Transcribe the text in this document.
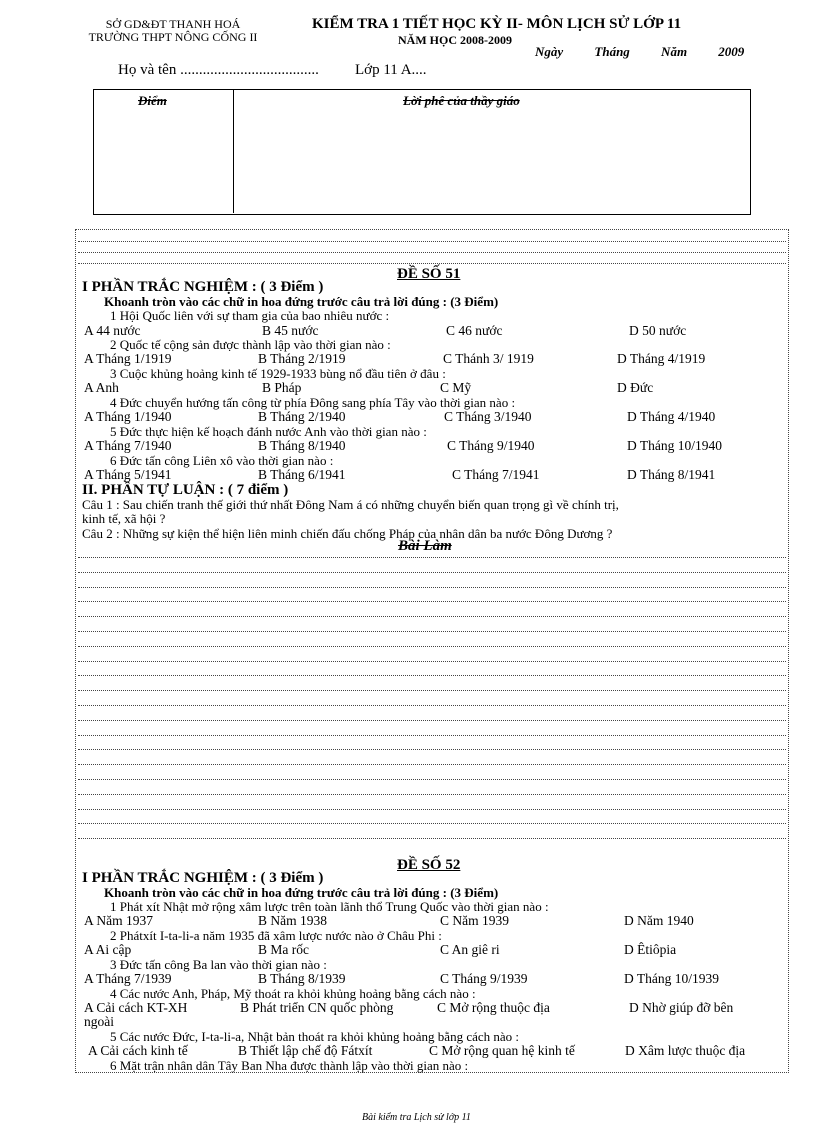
SỞ GD&ĐT THANH HOÁ
TRƯỜNG THPT NÔNG CỐNG II
KIỂM TRA 1 TIẾT HỌC KỲ II- MÔN LỊCH SỬ LỚP 11
NĂM HỌC 2008-2009
Ngày Tháng Năm 2009
Họ và tên ..................................... Lớp 11 A....
Điểm	Lời phê của thầy giáo
ĐỀ SỐ 51
I PHẦN TRẮC NGHIỆM : ( 3 Điểm )
Khoanh tròn vào các chữ in hoa đứng trước câu trả lời đúng : (3 Điểm)
1 Hội Quốc liên với sự tham gia của bao nhiêu nước :
A 44 nước	B 45 nước	C 46 nước	D 50 nước
2 Quốc tế cộng sản được thành lập vào thời gian nào :
A Tháng 1/1919	B Tháng 2/1919	C Thánh 3/ 1919	D Tháng 4/1919
3 Cuộc khủng hoảng kinh tế 1929-1933 bùng nổ đầu tiên ở đâu :
A Anh	B Pháp	C Mỹ	D Đức
4 Đức chuyển hướng tấn công từ phía Đông sang phía Tây vào thời gian nào :
A Tháng 1/1940	B Tháng 2/1940	C Tháng 3/1940	D Tháng 4/1940
5 Đức thực hiện kế hoạch đánh nước Anh vào thời gian nào :
A Tháng 7/1940	B Tháng 8/1940	C Tháng 9/1940	D Tháng 10/1940
6 Đức tấn công Liên xô vào thời gian nào :
A Tháng 5/1941	B Tháng 6/1941	C Tháng 7/1941	D Tháng 8/1941
II. PHẦN TỰ LUẬN : ( 7 điểm )
Câu 1 : Sau chiến tranh thế giới thứ nhất Đông Nam á có những chuyển biến quan trọng gì về chính trị,
kinh tế, xã hội ?
Câu 2 : Những sự kiện thể hiện liên minh chiến đấu chống Pháp của nhân dân ba nước Đông Dương ?
Bài Làm
ĐỀ SỐ 52
I PHẦN TRẮC NGHIỆM : ( 3 Điểm )
Khoanh tròn vào các chữ in hoa đứng trước câu trả lời đúng : (3 Điểm)
1 Phát xít Nhật mở rộng xâm lược trên toàn lãnh thổ Trung Quốc vào thời gian nào :
A Năm 1937	B Năm 1938	C Năm 1939	D Năm 1940
2 Phátxít I-ta-li-a năm 1935 đã xâm lược nước nào ở Châu Phi :
A Ai cập	B Ma rốc	C An giê ri	D Êtiôpia
3 Đức tấn công Ba lan vào thời gian nào :
A Tháng 7/1939	B Tháng 8/1939	C Tháng 9/1939	D Tháng 10/1939
4 Các nước Anh, Pháp, Mỹ thoát ra khỏi khủng hoảng bằng cách nào :
A Cải cách KT-XH	B Phát triển CN quốc phòng	C Mở rộng thuộc địa	D Nhờ giúp đỡ bên
ngoài
5 Các nước Đức, I-ta-li-a, Nhật bản thoát ra khỏi khủng hoảng bằng cách nào :
A Cải cách kinh tế	B Thiết lập chế độ Fátxít	C Mở rộng quan hệ kinh tế	D Xâm lược thuộc địa
6 Mặt trận nhân dân Tây Ban Nha được thành lập vào thời gian nào :
Bài kiểm tra Lịch sử lớp 11
